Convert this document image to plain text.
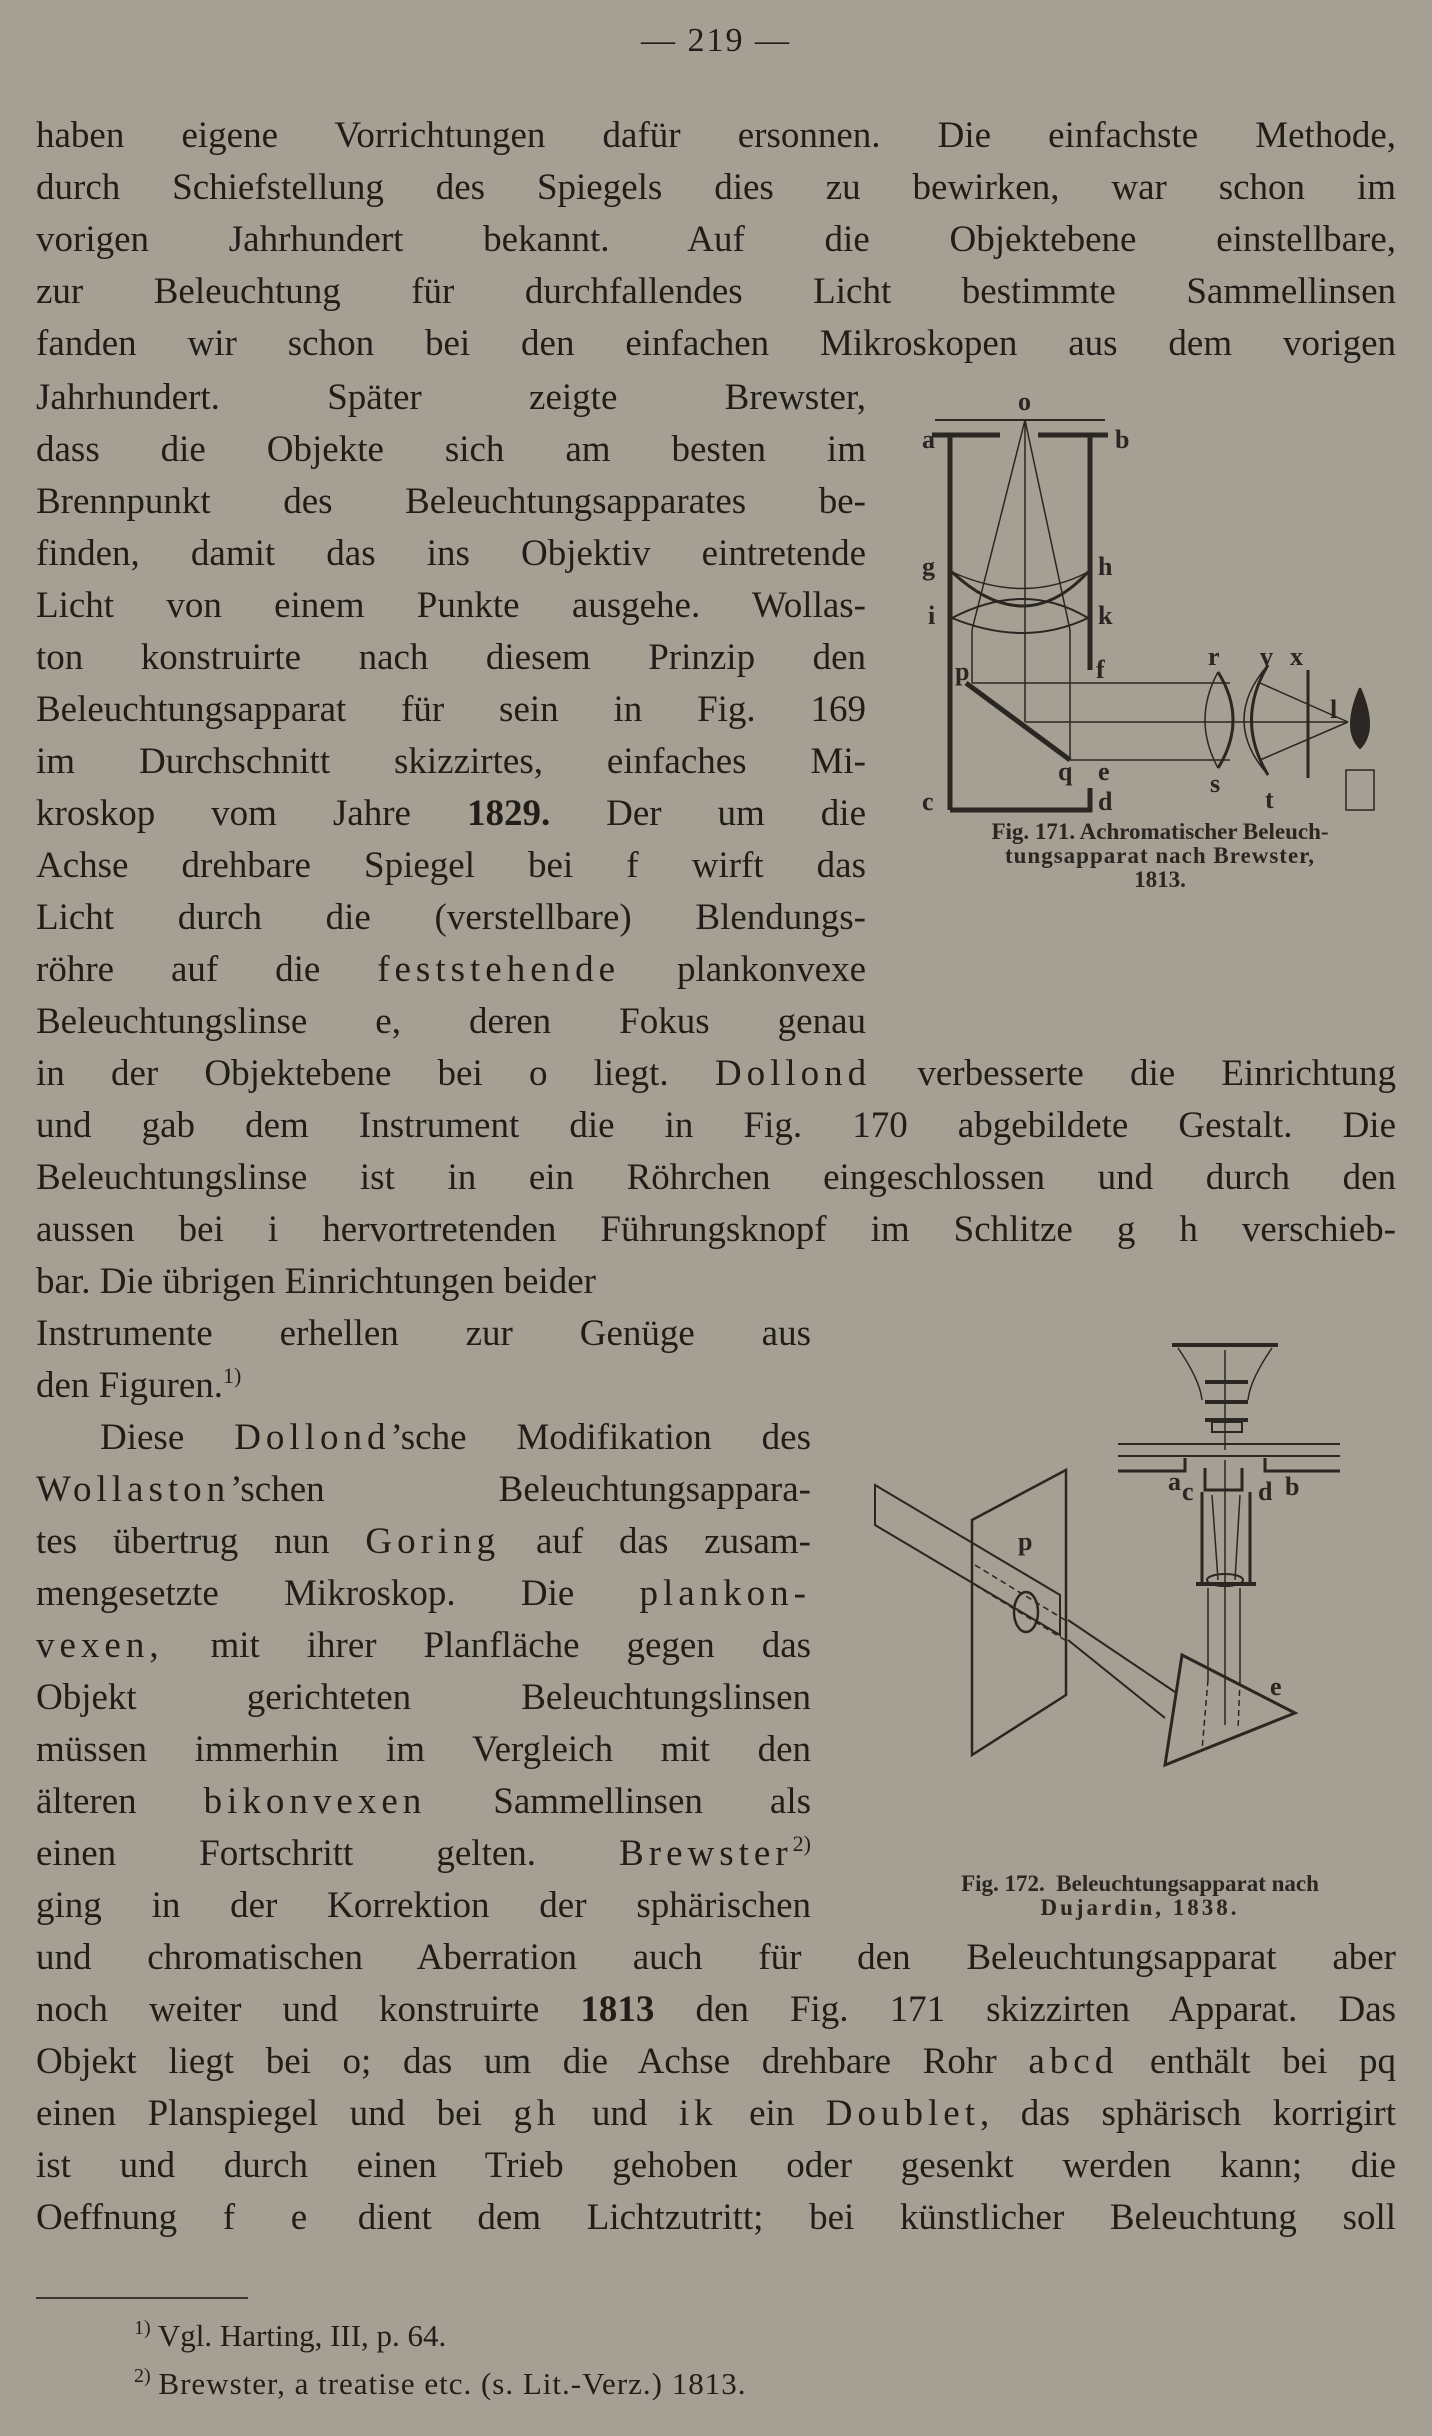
— 219 —
haben eigene Vorrichtungen dafür ersonnen. Die einfachste Methode,
durch Schiefstellung des Spiegels dies zu bewirken, war schon im
vorigen Jahrhundert bekannt. Auf die Objektebene einstellbare,
zur Beleuchtung für durchfallendes Licht bestimmte Sammellinsen
fanden wir schon bei den einfachen Mikroskopen aus dem vorigen
Jahrhundert. Später zeigte Brewster,
dass die Objekte sich am besten im
Brennpunkt des Beleuchtungsapparates be-
finden, damit das ins Objektiv eintretende
Licht von einem Punkte ausgehe. Wollas-
ton konstruirte nach diesem Prinzip den
Beleuchtungsapparat für sein in Fig. 169
im Durchschnitt skizzirtes, einfaches Mi-
kroskop vom Jahre 1829. Der um die
Achse drehbare Spiegel bei f wirft das
Licht durch die (verstellbare) Blendungs-
röhre auf die feststehende plankonvexe
Beleuchtungslinse e, deren Fokus genau
in der Objektebene bei o liegt. Dollond verbesserte die Einrichtung
und gab dem Instrument die in Fig. 170 abgebildete Gestalt. Die
Beleuchtungslinse ist in ein Röhrchen eingeschlossen und durch den
aussen bei i hervortretenden Führungsknopf im Schlitze g h verschieb-
bar. Die übrigen Einrichtungen beider
Instrumente erhellen zur Genüge aus
den Figuren.$^{1)}$
Diese Dollond’sche Modifikation des
Wollaston’schen Beleuchtungsappara-
tes übertrug nun Goring auf das zusam-
mengesetzte Mikroskop. Die plankon-
vexen, mit ihrer Planfläche gegen das
Objekt gerichteten Beleuchtungslinsen
müssen immerhin im Vergleich mit den
älteren bikonvexen Sammellinsen als
einen Fortschritt gelten. Brewster$^{2)}$
ging in der Korrektion der sphärischen
und chromatischen Aberration auch für den Beleuchtungsapparat aber
noch weiter und konstruirte 1813 den Fig. 171 skizzirten Apparat. Das
Objekt liegt bei o; das um die Achse drehbare Rohr abcd enthält bei pq
einen Planspiegel und bei gh und ik ein Doublet, das sphärisch korrigirt
ist und durch einen Trieb gehoben oder gesenkt werden kann; die
Oeffnung f e dient dem Lichtzutritt; bei künstlicher Beleuchtung soll
o
a	b
g	h
i	k
f
p
q e
c	d
r v x
l
s
t
Fig. 171. Achromatischer Beleuch-
tungsapparat nach Brewster,
1813.
a c d b
p
e
Fig. 172.  Beleuchtungsapparat nach
Dujardin, 1838.
$^{1)}$ Vgl. Harting, III, p. 64.
$^{2)}$ Brewster, a treatise etc. (s. Lit.-Verz.) 1813.
